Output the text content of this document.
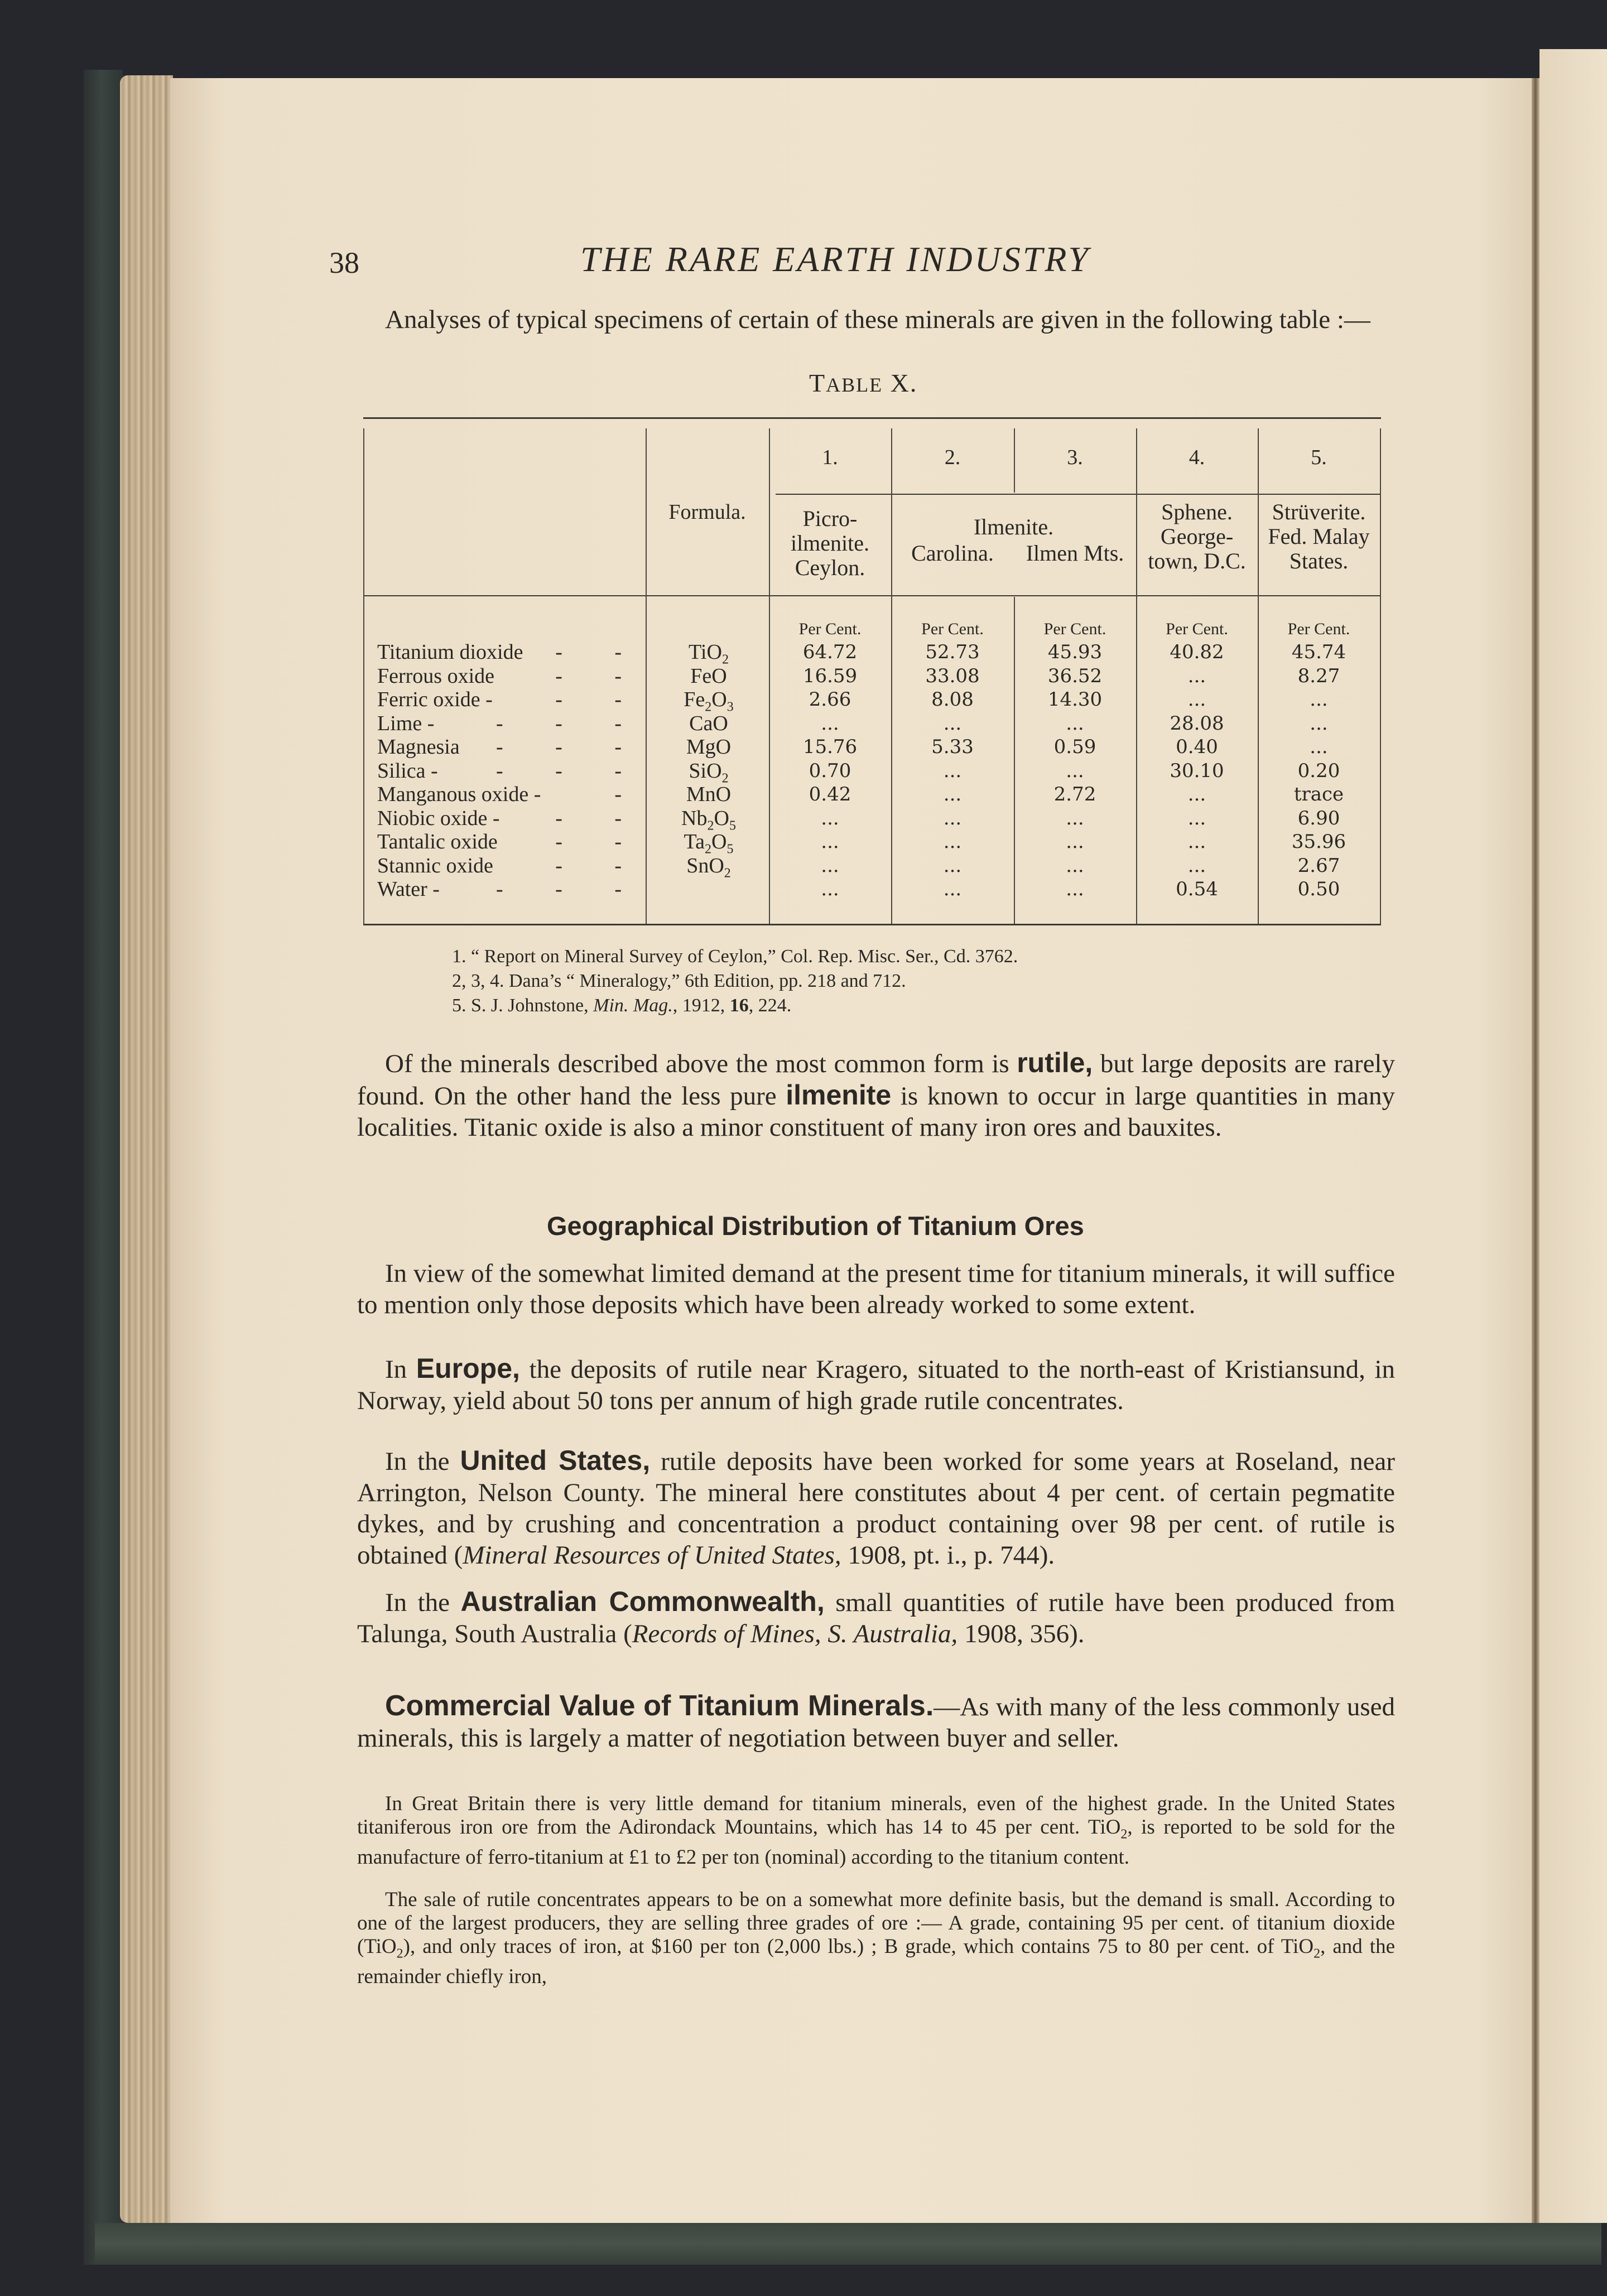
38	THE RARE EARTH INDUSTRY
Analyses of typical specimens of certain of these minerals are given in the following table :—
TABLE X.
Formula.
1.	2.	3.	4.	5.
Picro-
ilmenite.
Ceylon.
Ilmenite.
Carolina.	Ilmen Mts.
Sphene.
George-
town, D.C.
Strüverite.
Fed. Malay
States.
Per Cent.	Per Cent.	Per Cent.	Per Cent.	Per Cent.
Titanium dioxide - -	TiO$_2$	64.72	52.73	45.93	40.82	45.74
Ferrous oxide	- -	FeO	16.59	33.08	36.52	...	8.27
Ferric oxide -	- -	$Fe_2O_3$	2.66	8.08	14.30	...	...
Lime -	- - -	CaO	...	...	...	28.08	...
Magnesia - - -	MgO	15.76	5.33	0.59	0.40	...
Silica -	- - -	SiO$_2$	0.70	...	...	30.10	0.20
Manganous oxide -	-	MnO	0.42	...	2.72	...	trace
Niobic oxide -	- -	$Nb_2O_5$	...	...	...	...	6.90
Tantalic oxide	- -	$Ta_2O_5$	...	...	...	...	35.96
Stannic oxide	- -	SnO$_2$	...	...	...	...	2.67
Water -	- - -	...	...	...	0.54	0.50
1. “ Report on Mineral Survey of Ceylon,” Col. Rep. Misc. Ser., Cd. 3762.
2, 3, 4. Dana’s “ Mineralogy,” 6th Edition, pp. 218 and 712.
5. S. J. Johnstone, Min. Mag., 1912, 16, 224.
Of the minerals described above the most common form is rutile, but large deposits are rarely found. On the other hand the less pure ilmenite is known to occur in large quantities in many localities. Titanic oxide is also a minor constituent of many iron ores and bauxites.
Geographical Distribution of Titanium Ores
In view of the somewhat limited demand at the present time for titanium minerals, it will suffice to mention only those deposits which have been already worked to some extent.
In Europe, the deposits of rutile near Kragero, situated to the north-east of Kristiansund, in Norway, yield about 50 tons per annum of high grade rutile concentrates.
In the United States, rutile deposits have been worked for some years at Roseland, near Arrington, Nelson County. The mineral here constitutes about 4 per cent. of certain pegmatite dykes, and by crushing and concentration a product containing over 98 per cent. of rutile is obtained (Mineral Resources of United States, 1908, pt. i., p. 744).
In the Australian Commonwealth, small quantities of rutile have been produced from Talunga, South Australia (Records of Mines, S. Australia, 1908, 356).
Commercial Value of Titanium Minerals.—As with many of the less commonly used minerals, this is largely a matter of negotiation between buyer and seller.
In Great Britain there is very little demand for titanium minerals, even of the highest grade. In the United States titaniferous iron ore from the Adirondack Mountains, which has 14 to 45 per cent. TiO$_2$, is reported to be sold for the manufacture of ferro-titanium at £1 to £2 per ton (nominal) according to the titanium content.
The sale of rutile concentrates appears to be on a somewhat more definite basis, but the demand is small. According to one of the largest producers, they are selling three grades of ore :— A grade, containing 95 per cent. of titanium dioxide (TiO$_2$), and only traces of iron, at $160 per ton (2,000 lbs.) ; B grade, which contains 75 to 80 per cent. of TiO$_2$, and the remainder chiefly iron,
